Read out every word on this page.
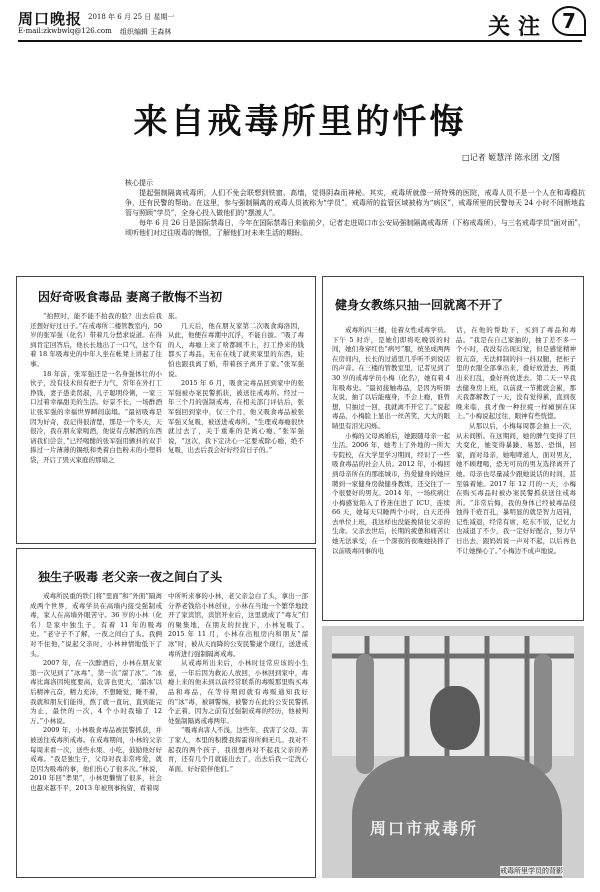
周口晚报 2018 年 6 月 25 日 星期一
E-mail:zkwbwlq@126.com 组织编辑 王森林	关注 7
来自戒毒所里的忏悔
□记者 姬慧洋 陈永团 文/图

核心提示

提起强制隔离戒毒所，人们不免会联想到铁窗、高墙，觉得阴森而神秘。其实，戒毒所就像一所特殊的医院，戒毒人员不是一个人在和毒瘾抗争，还有民警的帮助。在这里，参与强制隔离的戒毒人员被称为“学员”，戒毒所的监管区域被称为“病区”，戒毒所里的民警每天 24 小时不间断地监管与照顾“学员”，全身心投入做他们的“摆渡人”。

每年 6 月 26 日是国际禁毒日，今年在国际禁毒日来临前夕，记者走进周口市公安局强制隔离戒毒所（下称戒毒所），与三名戒毒学员“面对面”，顷听他们对过往吸毒的悔恨，了解他们对未来生活的期盼。

因好奇吸食毒品 妻离子散悔不当初

“拍照时，能不能不拍我的脸？出去后我还想好好过日子。”在戒毒所二楼管教室内，50 岁的张军强（化名）带着几分愁求说道。在得到肯定回答后，他长长地出了一口气，这个有着 18 年吸毒史的中年人坐在帐凳上讲起了往事。

18 年前，张军强还是一名身强体壮的小伙子，没有技术但有把子力气，常年在外打工挣钱，妻子愚柔贤淑，儿子聪明伶俐，一家三口过着幸福甜美的生活。好景不长，一场酢酒让张军强的幸福世界瞬间崩塌。“最初吸毒是因为好奇，我记得很清楚，那是一个冬天，天很冷，我在朋友家喝酒，他说有点解酒的东西请我们尝尝，”已经喝酣的张军强用颤抖的双手捧过一片薄薄的锡纸和类着白色粉末的小塑料袋，开启了毁灭家庭的那扇之

旅。

几天后，他在朋友家第二次吸食海洛因，从此，他便在毒潮中沉浮，不能自拔。“吸了毒的人，毒瘾上来了啥都顾不上，打工挣来的钱都买了毒品，无在在线了就卖家里的东西，娃怕也跟我离了婚，带着孩子离开了家。”张军强说。

2015 年 6 月，吸食完毒品回到家中的张军强被办案民警抓获，被送往戒毒所。经过一年三个月的强制戒毒，在相关部门评估后，张军强回到家中，仅三个月，他又吸食毒品被张军强又复吸，被送进戒毒所。“生理戒毒瘾很快就过去了，关于重难的是离心瘾，”张军强说，“这次，我下定决心一定要戒除心瘾，绝不复吸，出去后我会好好经营日子的。”

健身女教练只抽一回就离不开了

戒毒所四三楼，住着女性戒毒学员。下午 5 时许，是她们即将吃晚饭的时间，她们身穿红色“病号”服，统坐成两两在房间内，长长的过道里几乎听不到说话的声音。在三楼的管教室里，记者见到了 30 岁的戒毒学员小梅（化名），她有着 4 年吸毒史。“最初接触毒品，是因为听朋友说，抽了以后能瘦身，不会上瘾，谁曾想，只抽过一回，我就离不开它了。”说起毒品，小梅脸上显出一丝苦笑，大大的眼睛里有泪光闪烁。

小梅的父母离婚后，她跟随母亲一起生活。2006 年，她考上了外地的一所大专院校，在大学里学习期间，经识了一些吸食毒品的社会人员。2012 年，小梅回到母亲所在的那座城市，热爱健身的她应聘到一家健身房做健身教练，还交往了一个很要好的男友。2014 年，一场疾病让小梅感觉陷入了昏迷住进了 ICU，连续 66 天，她每天只睡两个小时，白天还得去单位上班，我这样也没能挽留住父亲的生命。父亲去世后，长期的疲惫和痛苦让她无法承受，在一个深夜的夜晚她抉择了以前吸毒同事的电

话，在他的帮助下，买到了毒品和毒品。“我是在自己家抽的，抽了差不多一个小时，我没有出现幻觉，但是感觉精神很亢奋，无法抑制的抖一抖双腿，把柜子里的衣服全部拿出来，叠好放进去，再重出来打乱，叠好再放进去。第二天一早我去健身房上班，以前就一节搬就会累，那天我都解教了一天，没有觉得累，直到夜晚来临，我才像一种拉疲一样瘫倒在床上。”小梅说起过往，眼神有些恍惚。

从那以后，小梅每周都会抽上一次，从未间断。在这期间，她的脾气变得了巨大变化，她变得暴躁、易怒、恐惧，回家，面对母亲，她咆哮道人，面对男友，她不顾理喝，恐无可员的男友选择离开了她。母亲也尽量减少跟她说话的时间，甚至躲着她。2017 年 12 月的一天，小梅在购买毒品时被办案民警抓获送往戒毒所。“非常后悔，我的身体已经被毒品侵蚀得千疮百孔，暴明显的就是智力迟钝，记性减退，经常有席，吃东不饭，记忆力也减退了不少，我一定好好配合，努力早日出去，跟妈妈说一声对不起，以后再也不让她操心了。”小梅边不成声地说。

独生子吸毒 老父亲一夜之间白了头

戒毒所民重的铁门将“里面”和“外面”隔离成两个世界，戒毒学员在高墙内接受强制戒毒，家人在高墙外眼苦守。36 岁的小林（化名）是家中独生子，有着 11 年的吸毒史。“老守子不了解，一夜之间白了头。我俩对不住他，”说起父亲时，小林神情地低下了头。

2007 年，在一次醉酒后，小林在朋友家第一次见到了“冰毒”，第一次“溜了冰”。“冰毒比海洛因纯度要高，危害也更大，‘溜冰’以后精神亢奋，精力充沛，不想睡觉，睡不着，我就和朋友们能得，熬了就一直玩，直到能完为止，最快的一次，4 个小时我输了 12 万。”小林说。

2009 年，小林吸食毒品被民警抓获，并被送往戒毒所戒毒。在戒毒期间，小林的父亲每周来看一次，送些水果、小吃，鼓励他好好戒毒。“我是独生子，父母对我非常疼爱，就是因为吸毒的事，他们伤心了很多次。”林说，2010 年回“孝果”，小林更懒惰了很多，社会也越来越不平，2013 年被刑事拘留，看着周

中所听来事的小林，老父亲急白了头，拿出一部分养老钱给小林创业，小林在当地一个繁华地段开了家宾馆，宾馆开业后，这里就成了“毒友”们的聚集地，在朋友的拉拢下，小林复吸了。2015 年 11 月，小林在出租房内和朋友“溜冰”时，被从天而降的公安民警逮个现行，送进戒毒所进行强制隔离戒毒。

从戒毒所出来后，小林时往常应该的小生意，一年后因为救沁人放回，小林回到家中，毒瘾上来的他未到以前经常联系的毒贩那里购买毒品和毒品，在等待期间就有毒贩通知我好的“冰”毒，被调警惕，被警方在此的公安民警抓个正着，因为之前有过强制戒毒的经历，他被判处强制隔离戒毒两年。

“吸毒真害人不浅，这些年，我害了父母，害了家人，本里的积攒我挥霍得所剩无几。我对不起我的两个孩子，我很想再对不起我父亲的养育，还有几个月就能出去了，出去后我一定洗心革面，好好陪伴他们。”

周口市戒毒所
戒毒所里学员的背影
